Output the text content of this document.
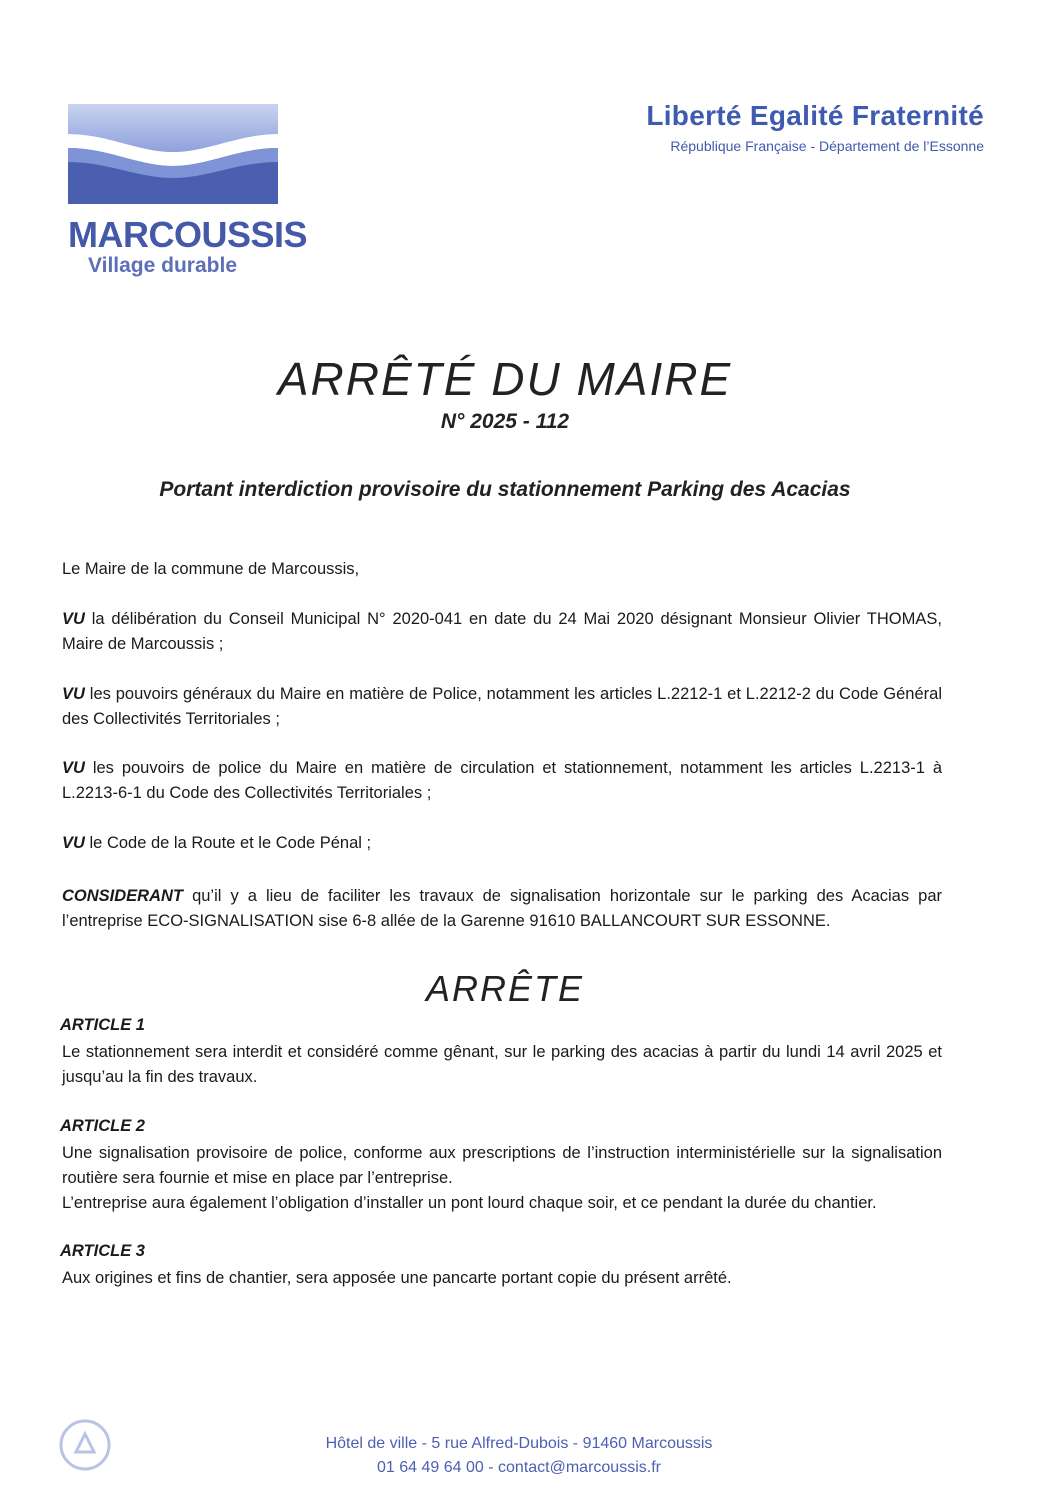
MARCOUSSIS
Village durable
Liberté Egalité Fraternité
République Française - Département de l’Essonne
ARRÊTÉ DU MAIRE
N° 2025 - 112
Portant interdiction provisoire du stationnement Parking des Acacias
Le Maire de la commune de Marcoussis,
VU la délibération du Conseil Municipal N° 2020-041 en date du 24 Mai 2020 désignant Monsieur Olivier THOMAS, Maire de Marcoussis ;
VU les pouvoirs généraux du Maire en matière de Police, notamment les articles L.2212-1 et L.2212-2 du Code Général des Collectivités Territoriales ;
VU les pouvoirs de police du Maire en matière de circulation et stationnement, notamment les articles L.2213-1 à L.2213-6-1 du Code des Collectivités Territoriales ;
VU le Code de la Route et le Code Pénal ;
CONSIDERANT qu’il y a lieu de faciliter les travaux de signalisation horizontale sur le parking des Acacias par l’entreprise ECO-SIGNALISATION sise 6-8 allée de la Garenne 91610 BALLANCOURT SUR ESSONNE.
ARRÊTE
ARTICLE 1
Le stationnement sera interdit et considéré comme gênant, sur le parking des acacias à partir du lundi 14 avril 2025 et jusqu’au la fin des travaux.
ARTICLE 2
Une signalisation provisoire de police, conforme aux prescriptions de l’instruction interministérielle sur la signalisation routière sera fournie et mise en place par l’entreprise.
L’entreprise aura également l’obligation d’installer un pont lourd chaque soir, et ce pendant la durée du chantier.
ARTICLE 3
Aux origines et fins de chantier, sera apposée une pancarte portant copie du présent arrêté.
Hôtel de ville - 5 rue Alfred-Dubois - 91460 Marcoussis
01 64 49 64 00 - contact@marcoussis.fr
